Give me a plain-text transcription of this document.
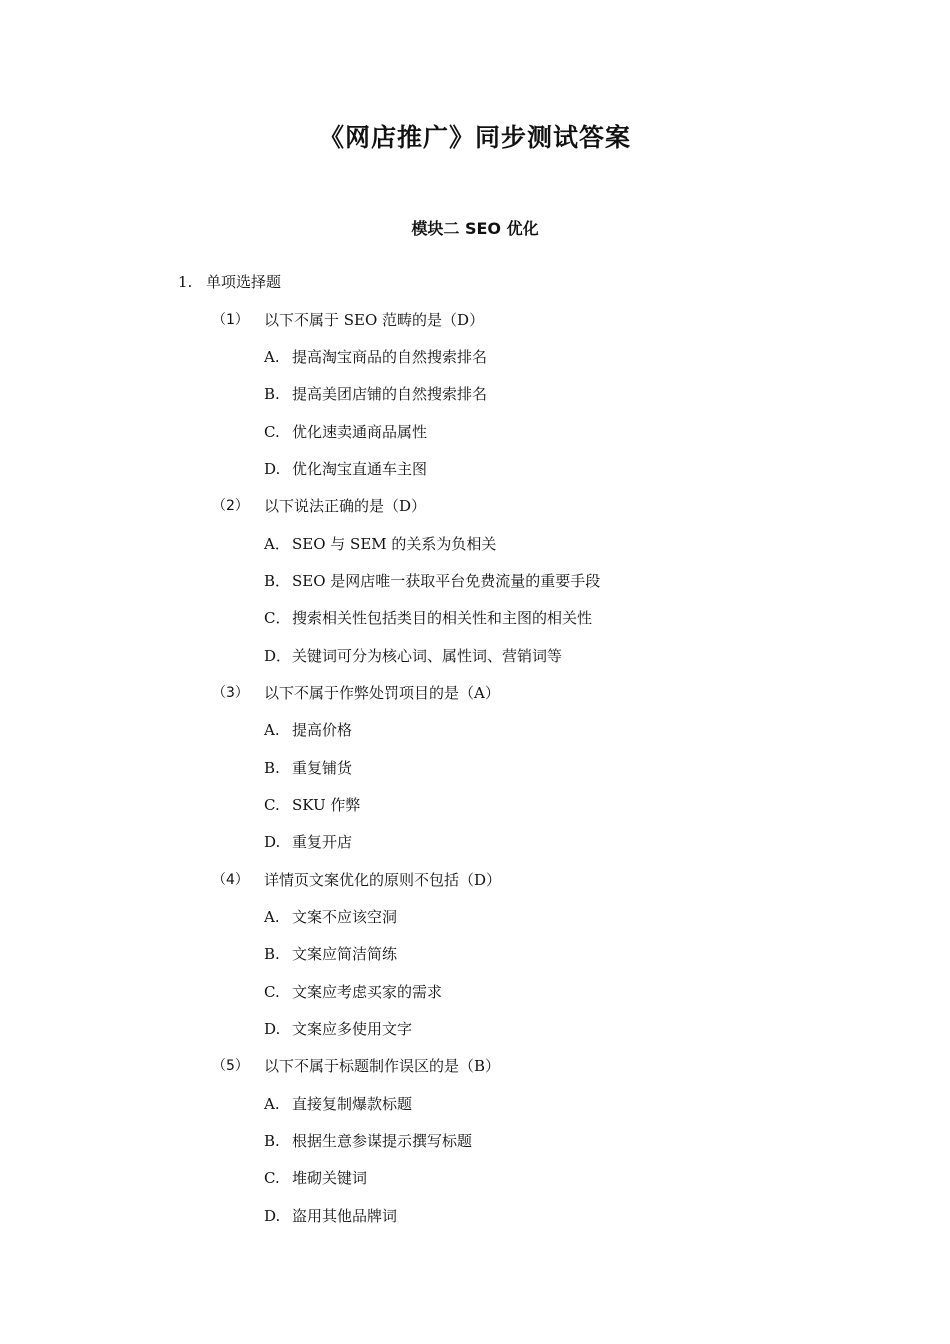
《网店推广》同步测试答案
模块二 SEO 优化
1. 单项选择题
（1） 以下不属于 SEO 范畴的是（D）
A. 提高淘宝商品的自然搜索排名
B. 提高美团店铺的自然搜索排名
C. 优化速卖通商品属性
D. 优化淘宝直通车主图
（2） 以下说法正确的是（D）
A． SEO 与 SEM 的关系为负相关
B． SEO 是网店唯一获取平台免费流量的重要手段
C． 搜索相关性包括类目的相关性和主图的相关性
D． 关键词可分为核心词、属性词、营销词等
（3） 以下不属于作弊处罚项目的是（A）
A. 提高价格
B. 重复铺货
C. SKU 作弊
D. 重复开店
（4） 详情页文案优化的原则不包括（D）
A. 文案不应该空洞
B. 文案应简洁简练
C. 文案应考虑买家的需求
D. 文案应多使用文字
（5） 以下不属于标题制作误区的是（B）
A. 直接复制爆款标题
B. 根据生意参谋提示撰写标题
C. 堆砌关键词
D. 盗用其他品牌词
